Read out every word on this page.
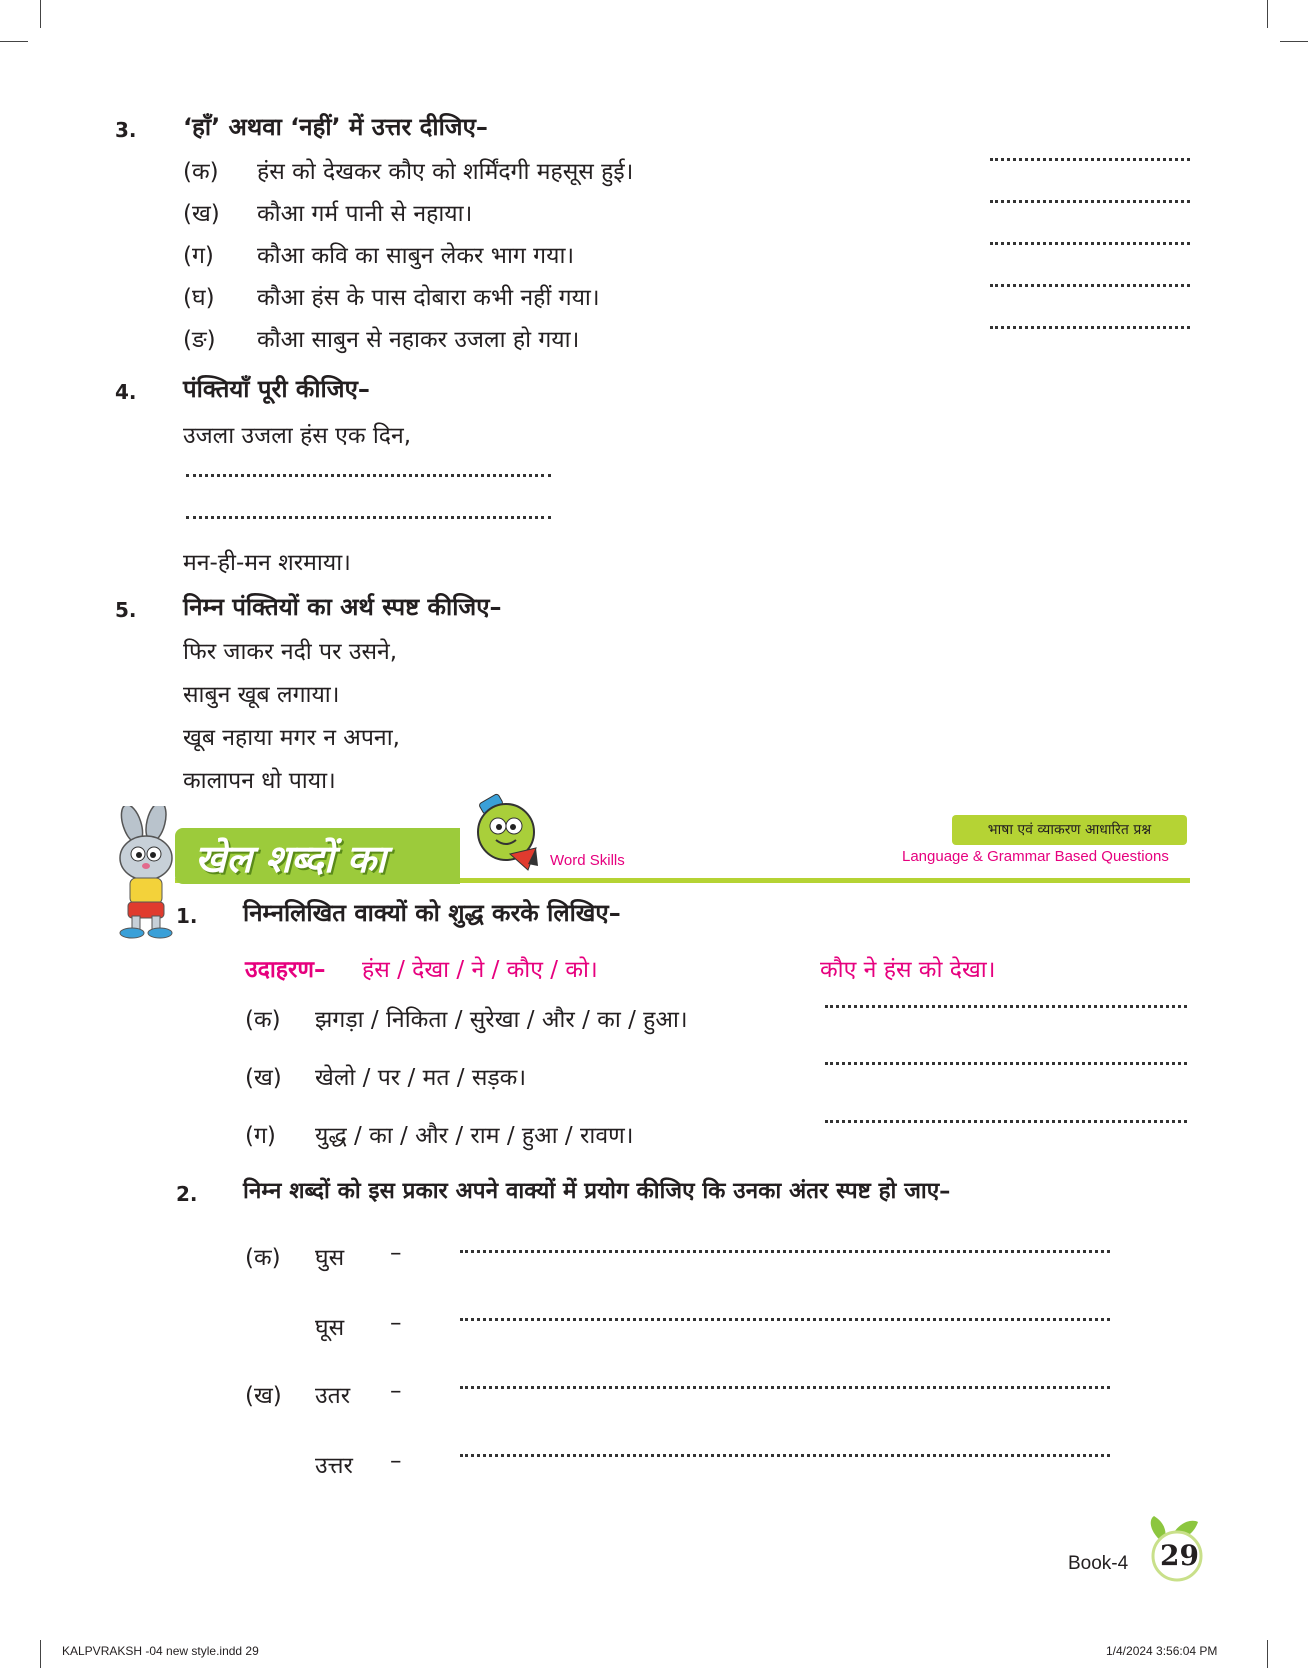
3. ‘हाँ’ अथवा ‘नहीं’ में उत्तर दीजिए–
(क) हंस को देखकर कौए को शर्मिंदगी महसूस हुई।
(ख) कौआ गर्म पानी से नहाया।
(ग) कौआ कवि का साबुन लेकर भाग गया।
(घ) कौआ हंस के पास दोबारा कभी नहीं गया।
(ङ) कौआ साबुन से नहाकर उजला हो गया।
4. पंक्तियाँ पूरी कीजिए–
उजला उजला हंस एक दिन,
मन-ही-मन शरमाया।
5. निम्न पंक्तियों का अर्थ स्पष्ट कीजिए–
फिर जाकर नदी पर उसने,
साबुन खूब लगाया।
खूब नहाया मगर न अपना,
कालापन धो पाया।
खेल शब्दों का	Word Skills
भाषा एवं व्याकरण आधारित प्रश्न
Language & Grammar Based Questions
1. निम्नलिखित वाक्यों को शुद्ध करके लिखिए–
उदाहरण– हंस / देखा / ने / कौए / को।	कौए ने हंस को देखा।
(क) झगड़ा / निकिता / सुरेखा / और / का / हुआ।
(ख) खेलो / पर / मत / सड़क।
(ग) युद्ध / का / और / राम / हुआ / रावण।
2. निम्न शब्दों को इस प्रकार अपने वाक्यों में प्रयोग कीजिए कि उनका अंतर स्पष्ट हो जाए–
(क) घुस –
घूस –
(ख) उतर –
उत्तर –
Book-4 29
KALPVRAKSH -04 new style.indd 29	1/4/2024 3:56:04 PM
